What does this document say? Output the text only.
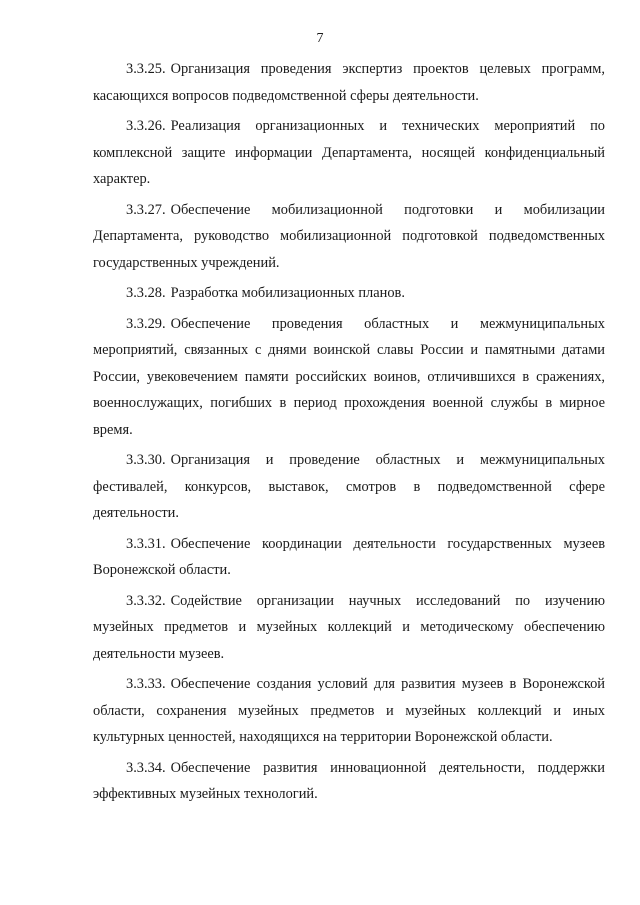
7

3.3.25. Организация проведения экспертиз проектов целевых программ, касающихся вопросов подведомственной сферы деятельности.

3.3.26. Реализация организационных и технических мероприятий по комплексной защите информации Департамента, носящей конфиденциальный характер.

3.3.27. Обеспечение мобилизационной подготовки и мобилизации Департамента, руководство мобилизационной подготовкой подведомственных государственных учреждений.

3.3.28. Разработка мобилизационных планов.

3.3.29. Обеспечение проведения областных и межмуниципальных мероприятий, связанных с днями воинской славы России и памятными датами России, увековечением памяти российских воинов, отличившихся в сражениях, военнослужащих, погибших в период прохождения военной службы в мирное время.

3.3.30. Организация и проведение областных и межмуниципальных фестивалей, конкурсов, выставок, смотров в подведомственной сфере деятельности.

3.3.31. Обеспечение координации деятельности государственных музеев Воронежской области.

3.3.32. Содействие организации научных исследований по изучению музейных предметов и музейных коллекций и методическому обеспечению деятельности музеев.

3.3.33. Обеспечение создания условий для развития музеев в Воронежской области, сохранения музейных предметов и музейных коллекций и иных культурных ценностей, находящихся на территории Воронежской области.

3.3.34. Обеспечение развития инновационной деятельности, поддержки эффективных музейных технологий.
